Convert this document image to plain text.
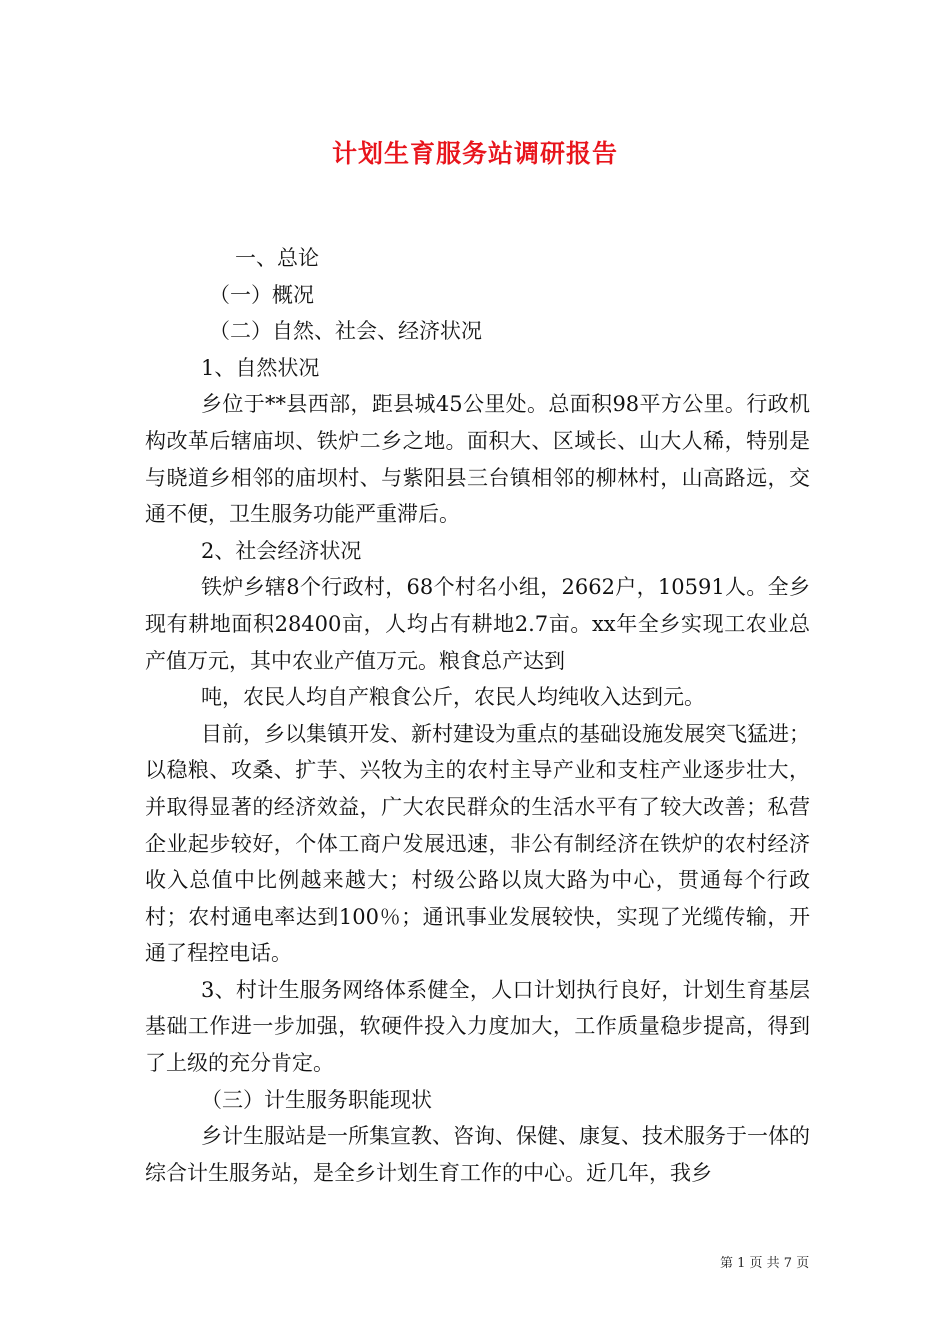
计划生育服务站调研报告

一、总论

（一）概况

（二）自然、社会、经济状况

1、自然状况

乡位于**县西部，距县城45公里处。总面积98平方公里。行政机构改革后辖庙坝、铁炉二乡之地。面积大、区域长、山大人稀，特别是与晓道乡相邻的庙坝村、与紫阳县三台镇相邻的柳林村，山高路远，交通不便，卫生服务功能严重滞后。

2、社会经济状况

铁炉乡辖8个行政村，68个村名小组，2662户，10591人。全乡现有耕地面积28400亩，人均占有耕地2.7亩。xx年全乡实现工农业总产值万元，其中农业产值万元。粮食总产达到

吨，农民人均自产粮食公斤，农民人均纯收入达到元。

目前，乡以集镇开发、新村建设为重点的基础设施发展突飞猛进；以稳粮、攻桑、扩芋、兴牧为主的农村主导产业和支柱产业逐步壮大，并取得显著的经济效益，广大农民群众的生活水平有了较大改善；私营企业起步较好，个体工商户发展迅速，非公有制经济在铁炉的农村经济收入总值中比例越来越大；村级公路以岚大路为中心，贯通每个行政村；农村通电率达到100％；通讯事业发展较快，实现了光缆传输，开通了程控电话。

3、村计生服务网络体系健全，人口计划执行良好，计划生育基层基础工作进一步加强，软硬件投入力度加大，工作质量稳步提高，得到了上级的充分肯定。

（三）计生服务职能现状

乡计生服站是一所集宣教、咨询、保健、康复、技术服务于一体的综合计生服务站，是全乡计划生育工作的中心。近几年，我乡

第 1 页 共 7 页
